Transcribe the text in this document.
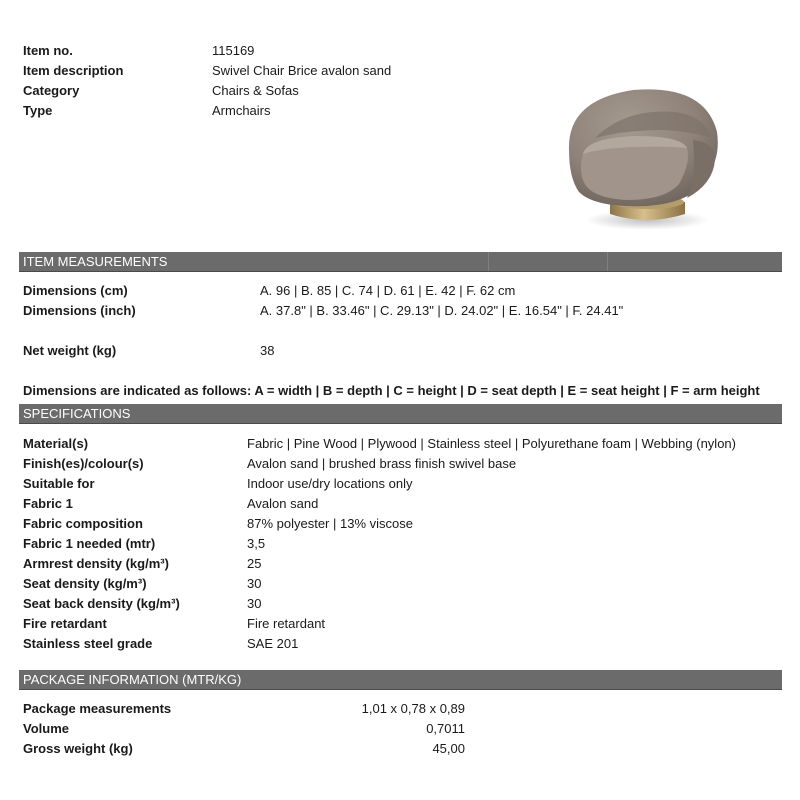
Item no.	115169
Item description	Swivel Chair Brice avalon sand
Category	Chairs & Sofas
Type	Armchairs
ITEM MEASUREMENTS
Dimensions (cm)	A. 96 | B. 85 | C. 74 | D. 61 | E. 42 | F. 62 cm
Dimensions (inch)	A. 37.8" | B. 33.46" | C. 29.13" | D. 24.02" | E. 16.54" | F. 24.41"
Net weight (kg)	38
Dimensions are indicated as follows: A = width | B = depth | C = height | D = seat depth | E = seat height | F = arm height
SPECIFICATIONS
Material(s)	Fabric | Pine Wood | Plywood | Stainless steel | Polyurethane foam | Webbing (nylon)
Finish(es)/colour(s)	Avalon sand | brushed brass finish swivel base
Suitable for	Indoor use/dry locations only
Fabric 1	Avalon sand
Fabric composition	87% polyester | 13% viscose
Fabric 1 needed (mtr)	3,5
Armrest density (kg/m³)	25
Seat density (kg/m³)	30
Seat back density (kg/m³)	30
Fire retardant	Fire retardant
Stainless steel grade	SAE 201
PACKAGE INFORMATION (MTR/KG)
Package measurements	1,01 x 0,78 x 0,89
Volume	0,7011
Gross weight (kg)	45,00
